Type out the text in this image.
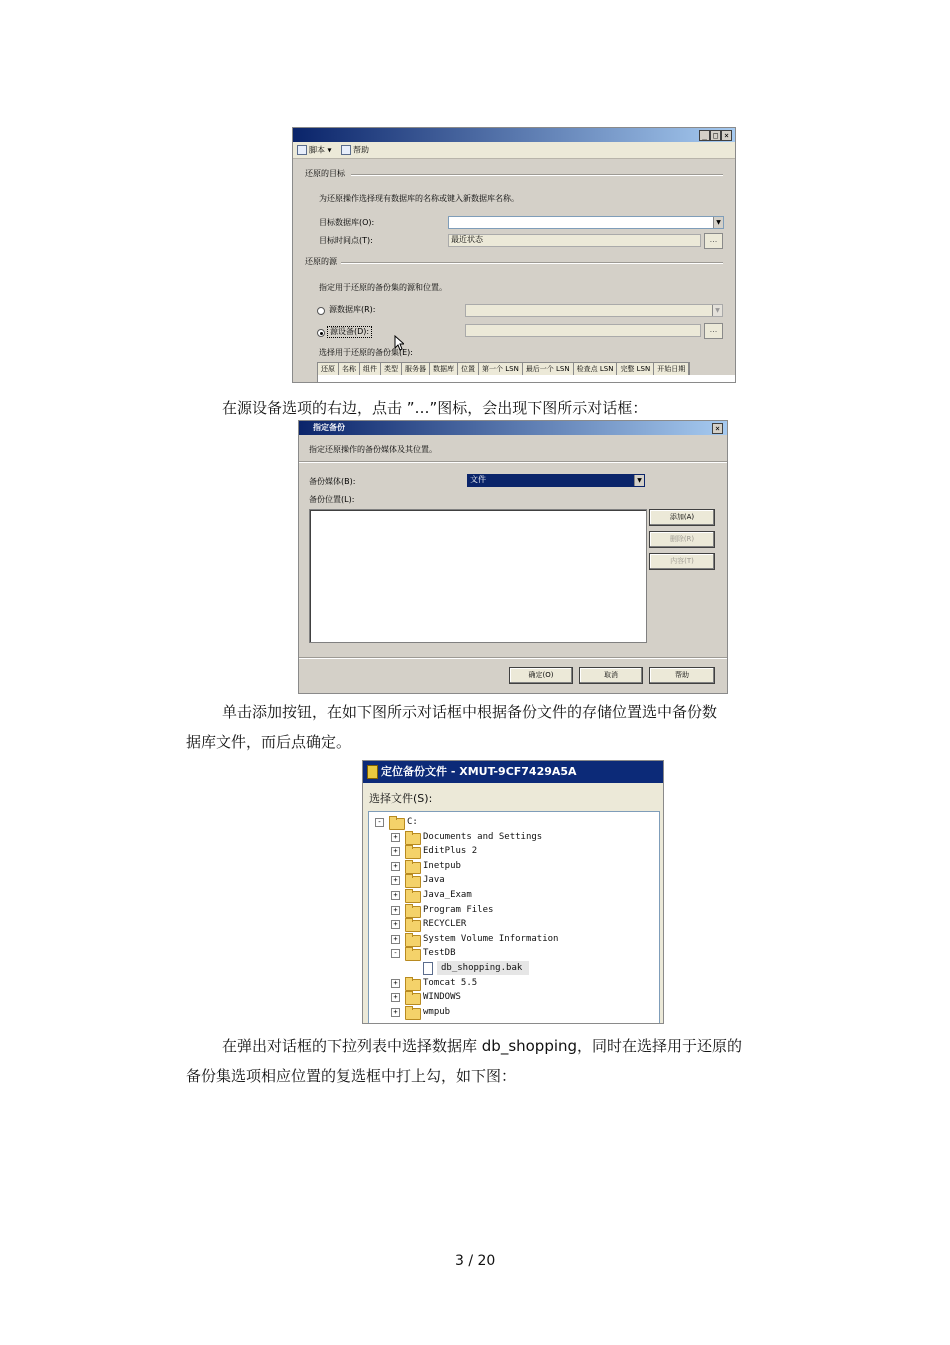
_ □ ×
脚本 ▾	帮助
还原的目标
为还原操作选择现有数据库的名称或键入新数据库名称。
目标数据库(O):	▼
目标时间点(T):	最近状态	...
还原的源
指定用于还原的备份集的源和位置。
源数据库(R):	▼
源设备(D):	...
选择用于还原的备份集(E):
还原	名称	组件	类型	服务器	数据库	位置	第一个 LSN	最后一个 LSN	检查点 LSN	完整 LSN	开始日期
在源设备选项的右边，点击 ”…”图标，会出现下图所示对话框：
指定备份	×
指定还原操作的备份媒体及其位置。
备份媒体(B):	文件	▼
备份位置(L):
添加(A)
删除(R)
内容(T)
确定(O)	取消	帮助
单击添加按钮，在如下图所示对话框中根据备份文件的存储位置选中备份数
据库文件，而后点确定。
定位备份文件 - XMUT-9CF7429A5A
选择文件(S):
-	C:
+	Documents and Settings
+	EditPlus 2
+	Inetpub
+	Java
+	Java_Exam
+	Program Files
+	RECYCLER
+	System Volume Information
-	TestDB
db_shopping.bak
+	Tomcat 5.5
+	WINDOWS
+	wmpub
在弹出对话框的下拉列表中选择数据库 db_shopping，同时在选择用于还原的
备份集选项相应位置的复选框中打上勾，如下图：
3 / 20
